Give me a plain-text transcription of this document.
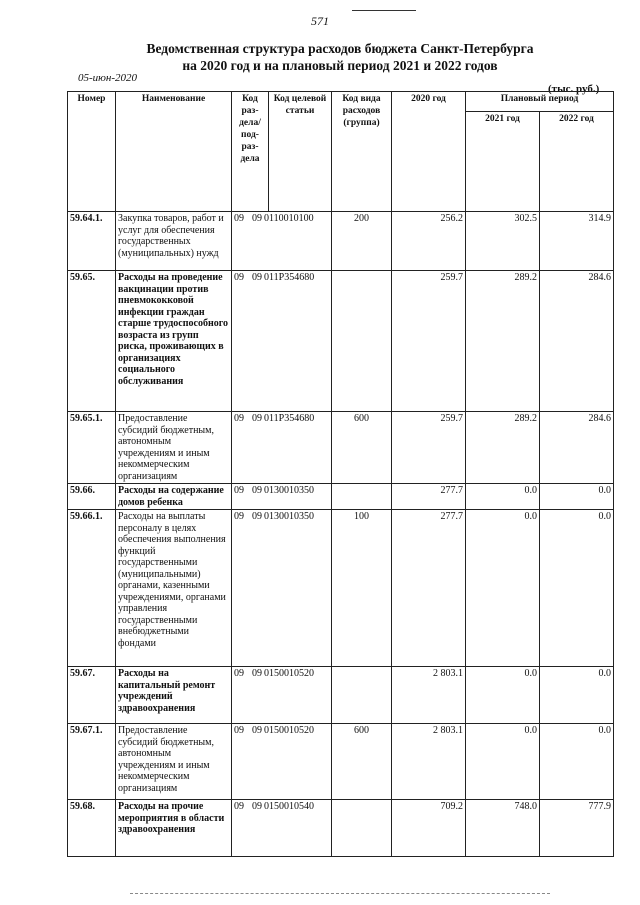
571
Ведомственная структура расходов бюджета Санкт-Петербурга
на 2020 год и на плановый период 2021 и 2022 годов
05-июн-2020
(тыс. руб.)
Номер	Наименование	Код раз-дела/ под-раз-дела	Код целевой статьи	Код вида расходов (группа)	2020 год	Плановый период	
						2021 год	2022 год
59.64.1.	Закупка товаров, работ и услуг для обеспечения государственных (муниципальных) нужд	09 09 0110010100		200	256.2	302.5	314.9
59.65.	Расходы на проведение вакцинации против пневмококковой инфекции граждан старше трудоспособного возраста из групп риска, проживающих в организациях социального обслуживания	09 09 011P354680			259.7	289.2	284.6
59.65.1.	Предоставление субсидий бюджетным, автономным учреждениям и иным некоммерческим организациям	09 09 011P354680		600	259.7	289.2	284.6
59.66.	Расходы на содержание домов ребенка	09 09 0130010350			277.7	0.0	0.0
59.66.1.	Расходы на выплаты персоналу в целях обеспечения выполнения функций государственными (муниципальными) органами, казенными учреждениями, органами управления государственными внебюджетными фондами	09 09 0130010350		100	277.7	0.0	0.0
59.67.	Расходы на капитальный ремонт учреждений здравоохранения	09 09 0150010520			2 803.1	0.0	0.0
59.67.1.	Предоставление субсидий бюджетным, автономным учреждениям и иным некоммерческим организациям	09 09 0150010520		600	2 803.1	0.0	0.0
59.68.	Расходы на прочие мероприятия в области здравоохранения	09 09 0150010540			709.2	748.0	777.9
